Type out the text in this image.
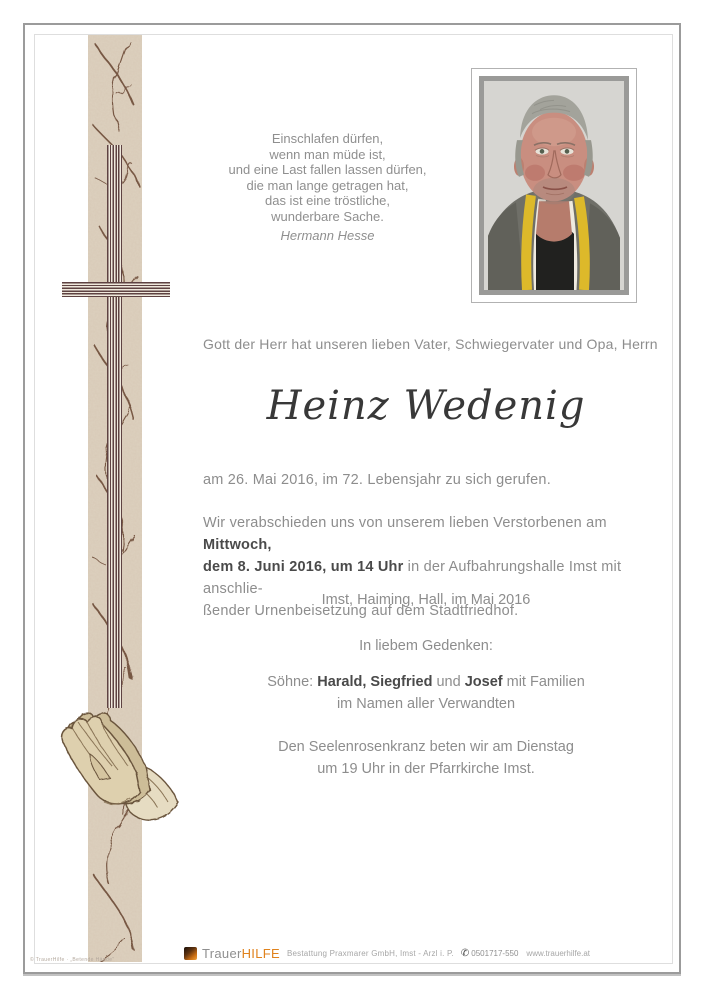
Einschlafen dürfen,
wenn man müde ist,
und eine Last fallen lassen dürfen,
die man lange getragen hat,
das ist eine tröstliche,
wunderbare Sache.
Hermann Hesse
Gott der Herr hat unseren lieben Vater, Schwiegervater und Opa, Herrn
Heinz Wedenig
am 26. Mai 2016, im 72. Lebensjahr zu sich gerufen.
Wir verabschieden uns von unserem lieben Verstorbenen am Mittwoch,
dem 8. Juni 2016, um 14 Uhr in der Aufbahrungshalle Imst mit anschlie-
ßender Urnenbeisetzung auf dem Stadtfriedhof.
Imst, Haiming, Hall, im Mai 2016
In liebem Gedenken:
Söhne: Harald, Siegfried und Josef mit Familien
im Namen aller Verwandten
Den Seelenrosenkranz beten wir am Dienstag
um 19 Uhr in der Pfarrkirche Imst.
TrauerHILFE Bestattung Praxmarer GmbH, Imst - Arzl i. P. ✆ 0501717-550 www.trauerhilfe.at
© TrauerHilfe · „Betende Hände“
